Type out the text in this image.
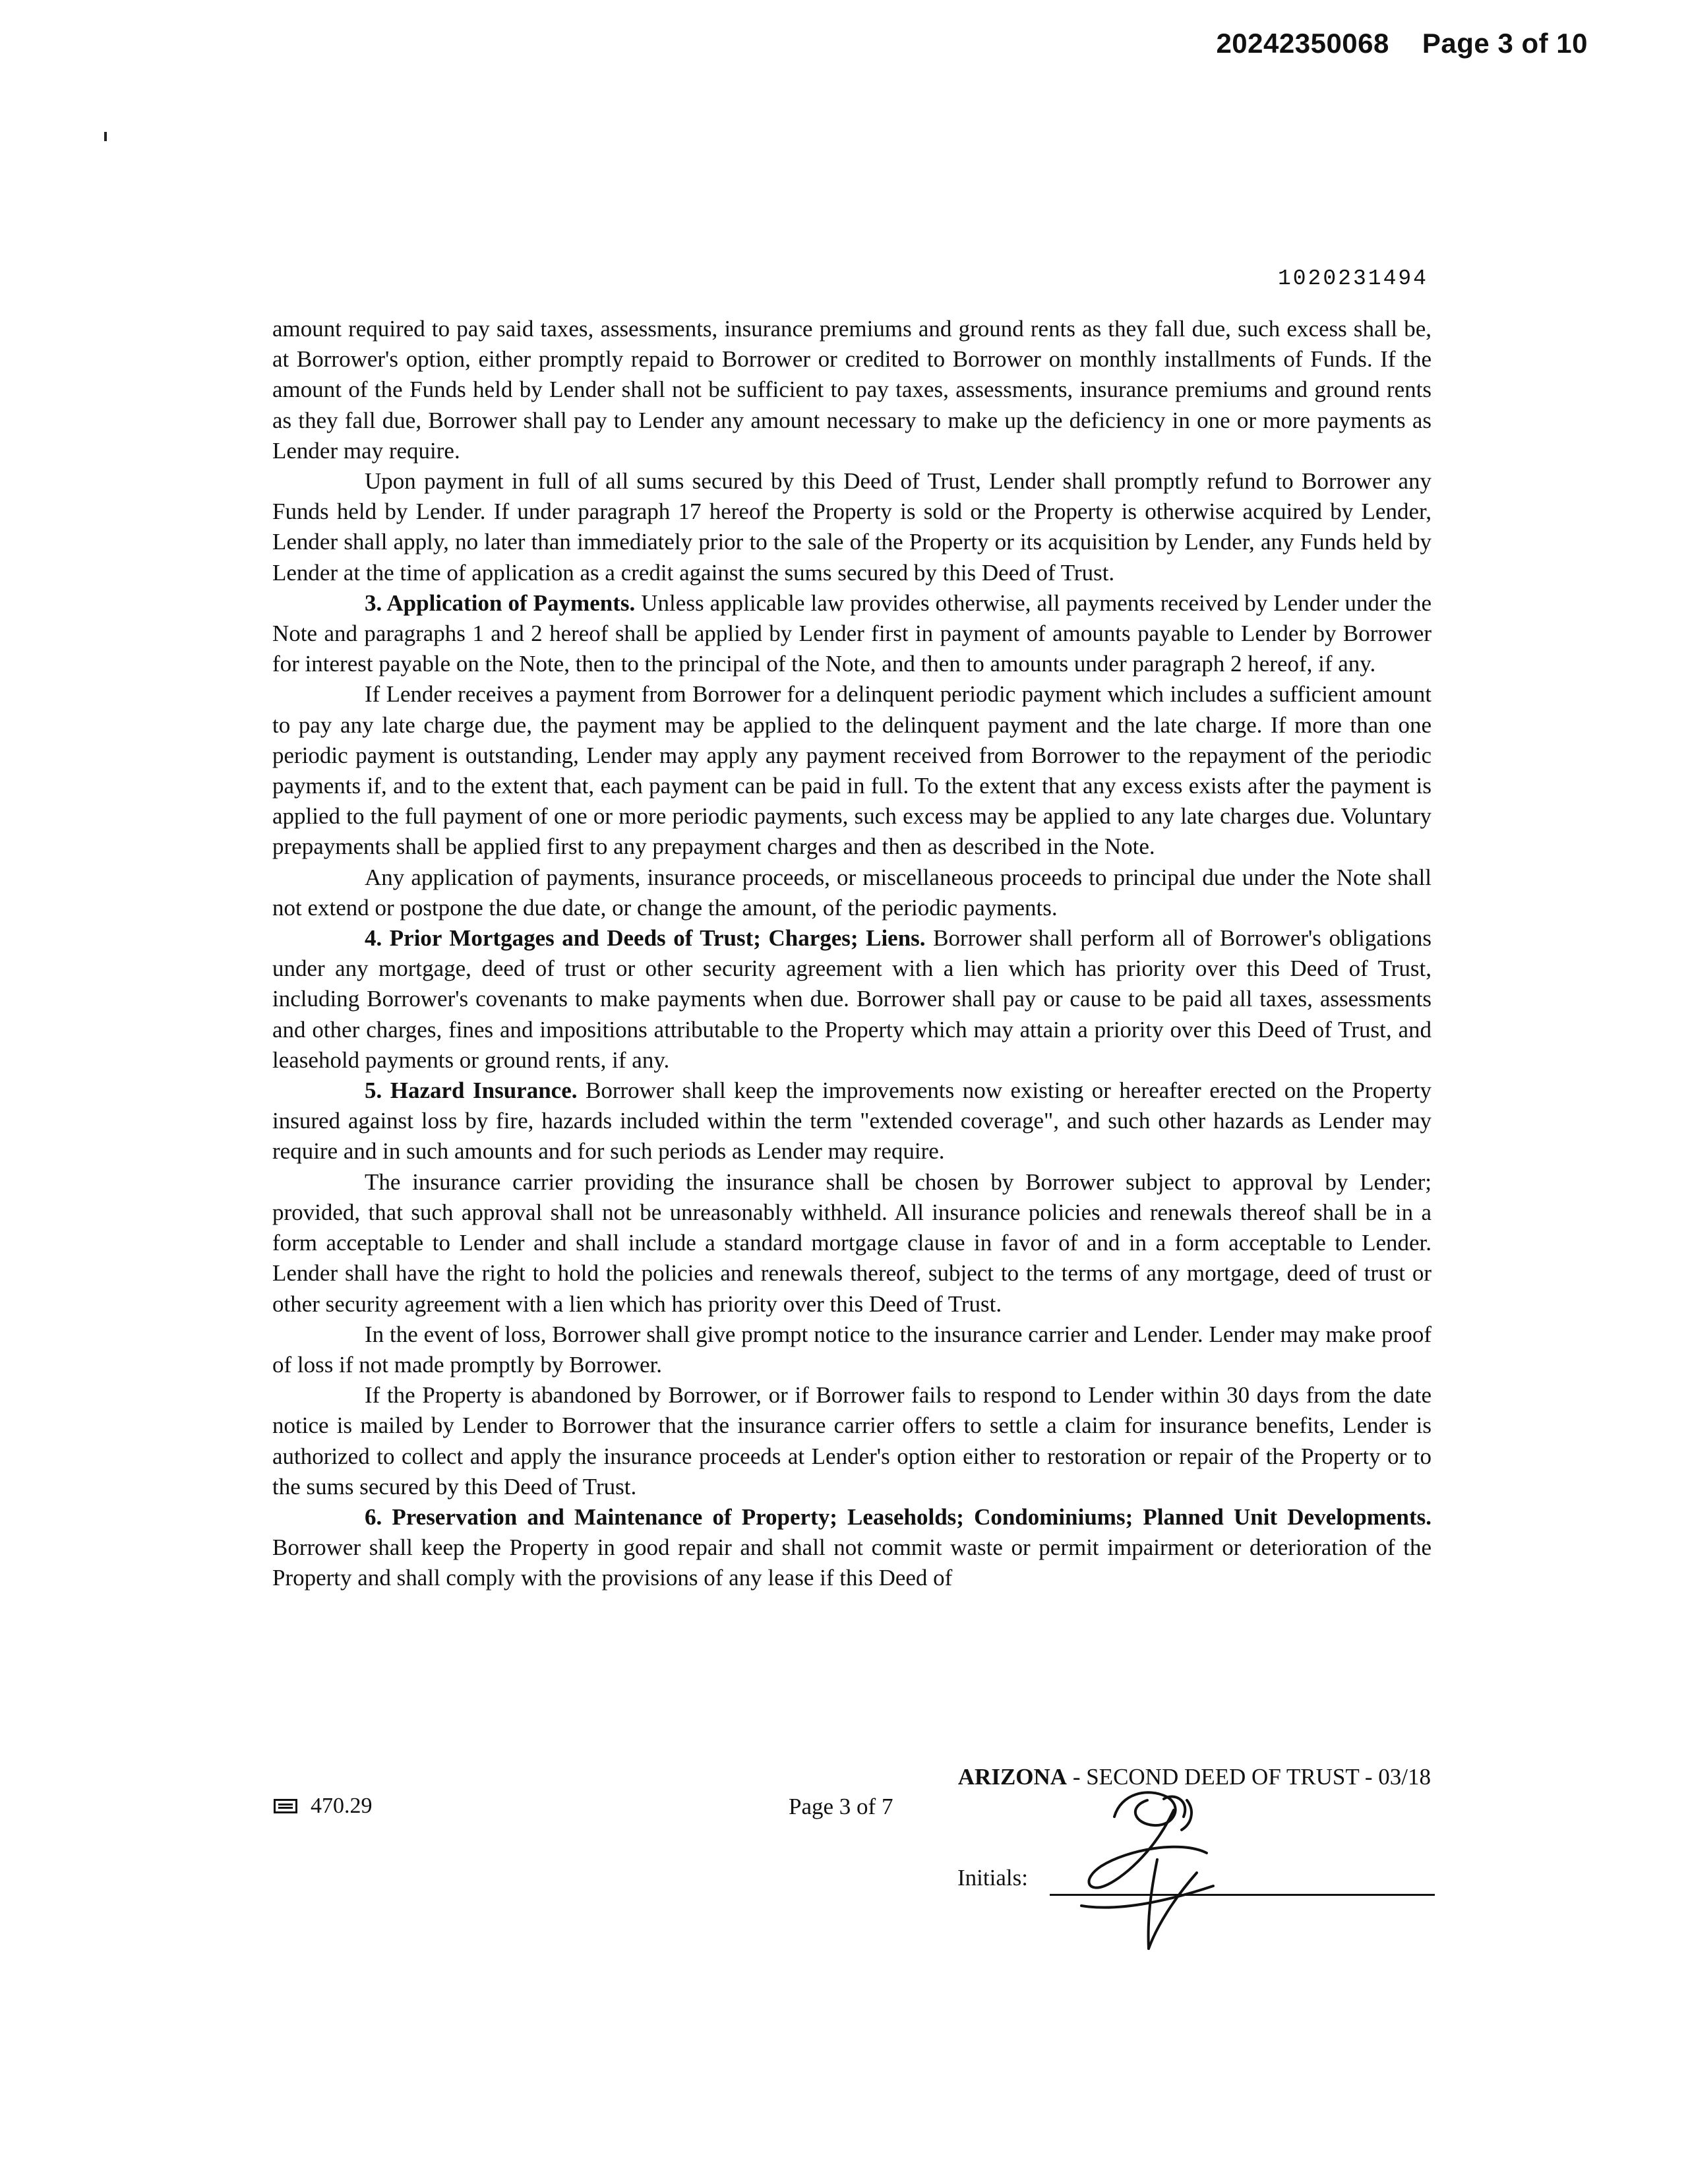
20242350068 Page 3 of 10
1020231494

amount required to pay said taxes, assessments, insurance premiums and ground rents as they fall due, such excess shall be, at Borrower's option, either promptly repaid to Borrower or credited to Borrower on monthly installments of Funds. If the amount of the Funds held by Lender shall not be sufficient to pay taxes, assessments, insurance premiums and ground rents as they fall due, Borrower shall pay to Lender any amount necessary to make up the deficiency in one or more payments as Lender may require.

Upon payment in full of all sums secured by this Deed of Trust, Lender shall promptly refund to Borrower any Funds held by Lender. If under paragraph 17 hereof the Property is sold or the Property is otherwise acquired by Lender, Lender shall apply, no later than immediately prior to the sale of the Property or its acquisition by Lender, any Funds held by Lender at the time of application as a credit against the sums secured by this Deed of Trust.

3. Application of Payments. Unless applicable law provides otherwise, all payments received by Lender under the Note and paragraphs 1 and 2 hereof shall be applied by Lender first in payment of amounts payable to Lender by Borrower for interest payable on the Note, then to the principal of the Note, and then to amounts under paragraph 2 hereof, if any.

If Lender receives a payment from Borrower for a delinquent periodic payment which includes a sufficient amount to pay any late charge due, the payment may be applied to the delinquent payment and the late charge. If more than one periodic payment is outstanding, Lender may apply any payment received from Borrower to the repayment of the periodic payments if, and to the extent that, each payment can be paid in full. To the extent that any excess exists after the payment is applied to the full payment of one or more periodic payments, such excess may be applied to any late charges due. Voluntary prepayments shall be applied first to any prepayment charges and then as described in the Note.

Any application of payments, insurance proceeds, or miscellaneous proceeds to principal due under the Note shall not extend or postpone the due date, or change the amount, of the periodic payments.

4. Prior Mortgages and Deeds of Trust; Charges; Liens. Borrower shall perform all of Borrower's obligations under any mortgage, deed of trust or other security agreement with a lien which has priority over this Deed of Trust, including Borrower's covenants to make payments when due. Borrower shall pay or cause to be paid all taxes, assessments and other charges, fines and impositions attributable to the Property which may attain a priority over this Deed of Trust, and leasehold payments or ground rents, if any.

5. Hazard Insurance. Borrower shall keep the improvements now existing or hereafter erected on the Property insured against loss by fire, hazards included within the term "extended coverage", and such other hazards as Lender may require and in such amounts and for such periods as Lender may require.

The insurance carrier providing the insurance shall be chosen by Borrower subject to approval by Lender; provided, that such approval shall not be unreasonably withheld. All insurance policies and renewals thereof shall be in a form acceptable to Lender and shall include a standard mortgage clause in favor of and in a form acceptable to Lender. Lender shall have the right to hold the policies and renewals thereof, subject to the terms of any mortgage, deed of trust or other security agreement with a lien which has priority over this Deed of Trust.

In the event of loss, Borrower shall give prompt notice to the insurance carrier and Lender. Lender may make proof of loss if not made promptly by Borrower.

If the Property is abandoned by Borrower, or if Borrower fails to respond to Lender within 30 days from the date notice is mailed by Lender to Borrower that the insurance carrier offers to settle a claim for insurance benefits, Lender is authorized to collect and apply the insurance proceeds at Lender's option either to restoration or repair of the Property or to the sums secured by this Deed of Trust.

6. Preservation and Maintenance of Property; Leaseholds; Condominiums; Planned Unit Developments. Borrower shall keep the Property in good repair and shall not commit waste or permit impairment or deterioration of the Property and shall comply with the provisions of any lease if this Deed of

ARIZONA - SECOND DEED OF TRUST - 03/18
470.29	Page 3 of 7
Initials:
